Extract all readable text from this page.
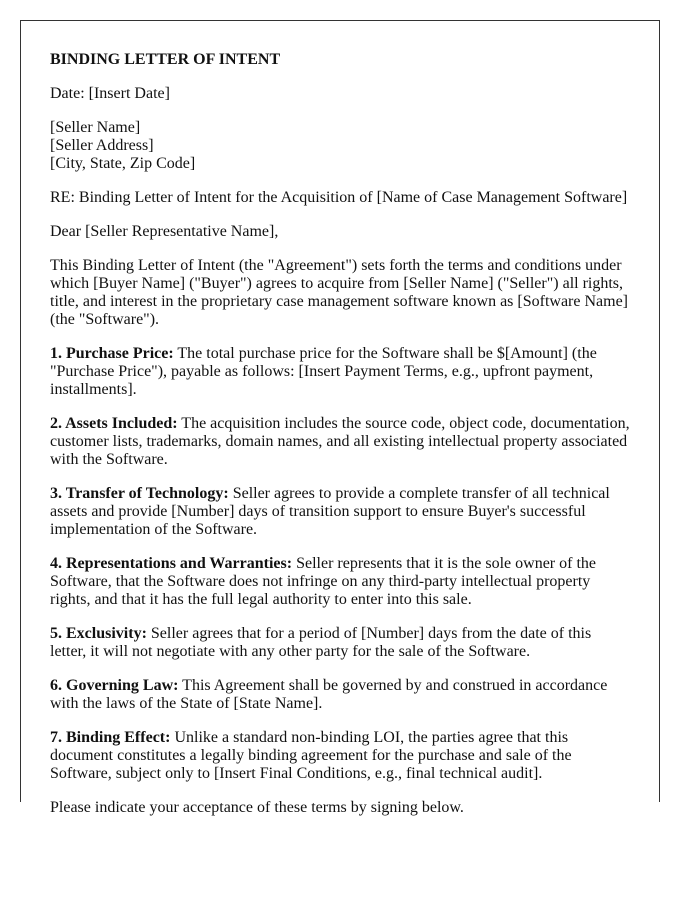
BINDING LETTER OF INTENT

Date: [Insert Date]

[Seller Name]
[Seller Address]
[City, State, Zip Code]

RE: Binding Letter of Intent for the Acquisition of [Name of Case Management Software]

Dear [Seller Representative Name],

This Binding Letter of Intent (the "Agreement") sets forth the terms and conditions under which [Buyer Name] ("Buyer") agrees to acquire from [Seller Name] ("Seller") all rights, title, and interest in the proprietary case management software known as [Software Name] (the "Software").

1. Purchase Price: The total purchase price for the Software shall be $[Amount] (the "Purchase Price"), payable as follows: [Insert Payment Terms, e.g., upfront payment, installments].

2. Assets Included: The acquisition includes the source code, object code, documentation, customer lists, trademarks, domain names, and all existing intellectual property associated with the Software.

3. Transfer of Technology: Seller agrees to provide a complete transfer of all technical assets and provide [Number] days of transition support to ensure Buyer's successful implementation of the Software.

4. Representations and Warranties: Seller represents that it is the sole owner of the Software, that the Software does not infringe on any third-party intellectual property rights, and that it has the full legal authority to enter into this sale.

5. Exclusivity: Seller agrees that for a period of [Number] days from the date of this letter, it will not negotiate with any other party for the sale of the Software.

6. Governing Law: This Agreement shall be governed by and construed in accordance with the laws of the State of [State Name].

7. Binding Effect: Unlike a standard non-binding LOI, the parties agree that this document constitutes a legally binding agreement for the purchase and sale of the Software, subject only to [Insert Final Conditions, e.g., final technical audit].

Please indicate your acceptance of these terms by signing below.
